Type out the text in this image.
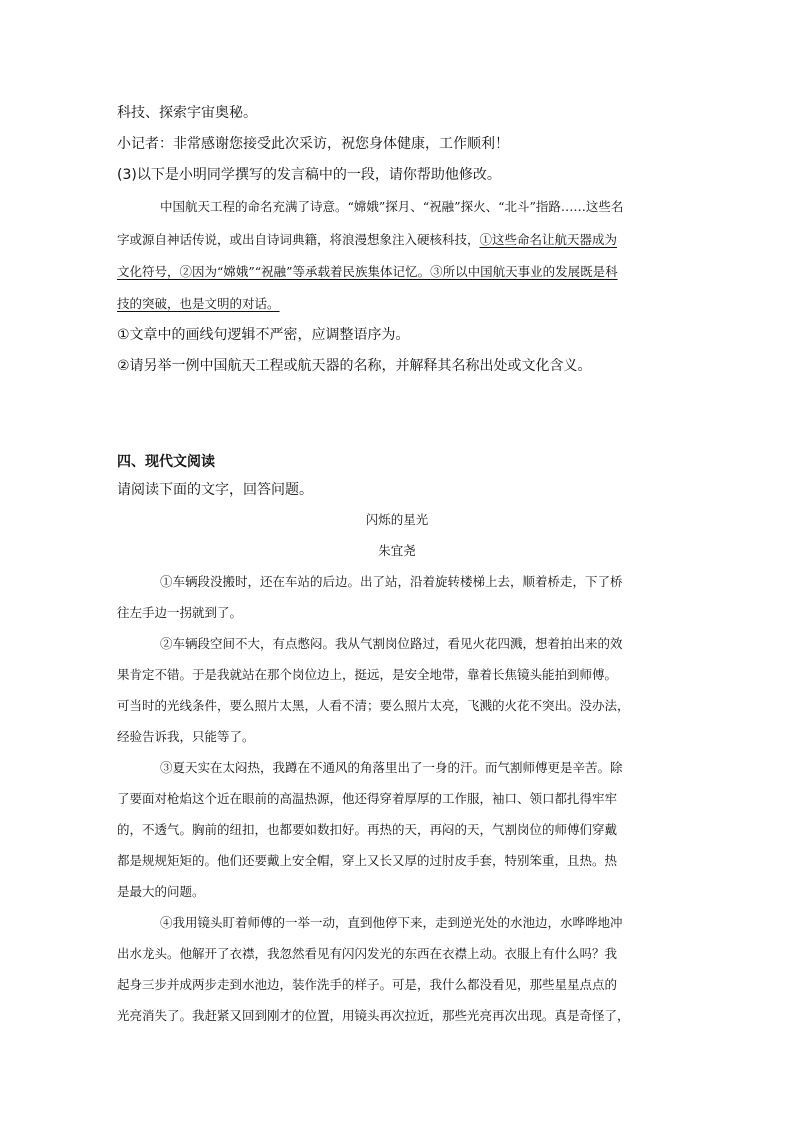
科技、探索宇宙奥秘。
小记者：非常感谢您接受此次采访，祝您身体健康，工作顺利！
(3)以下是小明同学撰写的发言稿中的一段，请你帮助他修改。
中国航天工程的命名充满了诗意。“嫦娥”探月、“祝融”探火、“北斗”指路……这些名
字或源自神话传说，或出自诗词典籍，将浪漫想象注入硬核科技，①这些命名让航天器成为
文化符号，②因为“嫦娥”“祝融”等承载着民族集体记忆。③所以中国航天事业的发展既是科
技的突破，也是文明的对话。
①文章中的画线句逻辑不严密，应调整语序为。
②请另举一例中国航天工程或航天器的名称，并解释其名称出处或文化含义。
四、现代文阅读
请阅读下面的文字，回答问题。
闪烁的星光
朱宜尧
①车辆段没搬时，还在车站的后边。出了站，沿着旋转楼梯上去，顺着桥走，下了桥
往左手边一拐就到了。
②车辆段空间不大，有点憋闷。我从气割岗位路过，看见火花四溅，想着拍出来的效
果肯定不错。于是我就站在那个岗位边上，挺远，是安全地带，靠着长焦镜头能拍到师傅。
可当时的光线条件，要么照片太黑，人看不清；要么照片太亮，飞溅的火花不突出。没办法，
经验告诉我，只能等了。
③夏天实在太闷热，我蹲在不通风的角落里出了一身的汗。而气割师傅更是辛苦。除
了要面对枪焰这个近在眼前的高温热源，他还得穿着厚厚的工作服，袖口、领口都扎得牢牢
的，不透气。胸前的纽扣，也都要如数扣好。再热的天，再闷的天，气割岗位的师傅们穿戴
都是规规矩矩的。他们还要戴上安全帽，穿上又长又厚的过肘皮手套，特别笨重，且热。热
是最大的问题。
④我用镜头盯着师傅的一举一动，直到他停下来，走到逆光处的水池边，水哗哗地冲
出水龙头。他解开了衣襟，我忽然看见有闪闪发光的东西在衣襟上动。衣服上有什么吗？我
起身三步并成两步走到水池边，装作洗手的样子。可是，我什么都没看见，那些星星点点的
光亮消失了。我赶紧又回到刚才的位置，用镜头再次拉近，那些光亮再次出现。真是奇怪了，
